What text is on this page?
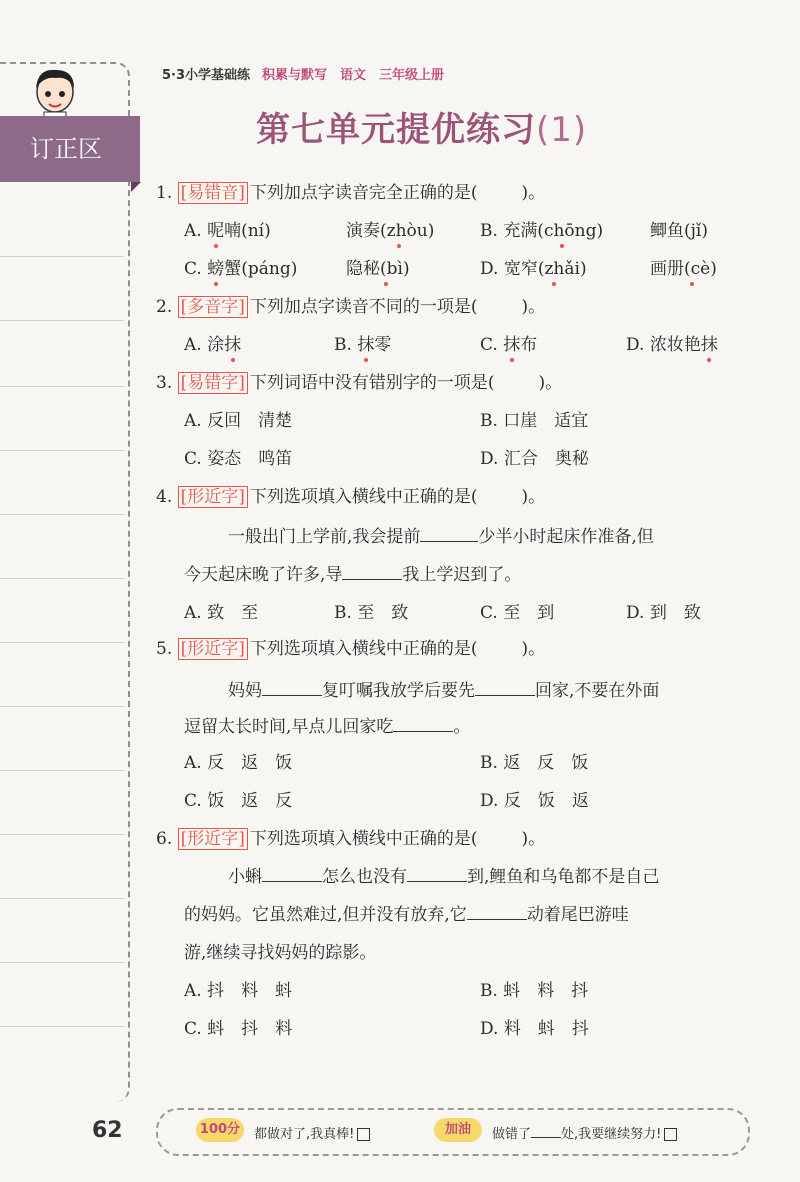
订正区
5·3小学基础练 积累与默写　语文　三年级上册
第七单元提优练习(1)
1. [易错音] 下列加点字读音完全正确的是(	)。
A. 呢喃(ní)	演奏(zhòu)	B. 充满(chōng)	鲫鱼(jǐ)
C. 螃蟹(páng)	隐秘(bì)	D. 宽窄(zhǎi)	画册(cè)
2. [多音字] 下列加点字读音不同的一项是(	)。
A. 涂抹	B. 抹零	C. 抹布	D. 浓妆艳抹
3. [易错字] 下列词语中没有错别字的一项是(	)。
A. 反回　清楚	B. 口崖　适宜
C. 姿态　鸣笛	D. 汇合　奥秘
4. [形近字] 下列选项填入横线中正确的是(	)。
一般出门上学前,我会提前	少半小时起床作准备,但
今天起床晚了许多,导	我上学迟到了。
A. 致　至	B. 至　致	C. 至　到	D. 到　致
5. [形近字] 下列选项填入横线中正确的是(	)。
妈妈	复叮嘱我放学后要先	回家,不要在外面
逗留太长时间,早点儿回家吃	。
A. 反　返　饭	B. 返　反　饭
C. 饭　返　反	D. 反　饭　返
6. [形近字] 下列选项填入横线中正确的是(	)。
小蝌	怎么也没有	到,鲤鱼和乌龟都不是自己
的妈妈。它虽然难过,但并没有放弃,它	动着尾巴游哇
游,继续寻找妈妈的踪影。
A. 抖　料　蚪	B. 蚪　料　抖
C. 蚪　抖　料	D. 料　蚪　抖
62	100分	都做对了,我真棒!	加油	做错了 处,我要继续努力!
